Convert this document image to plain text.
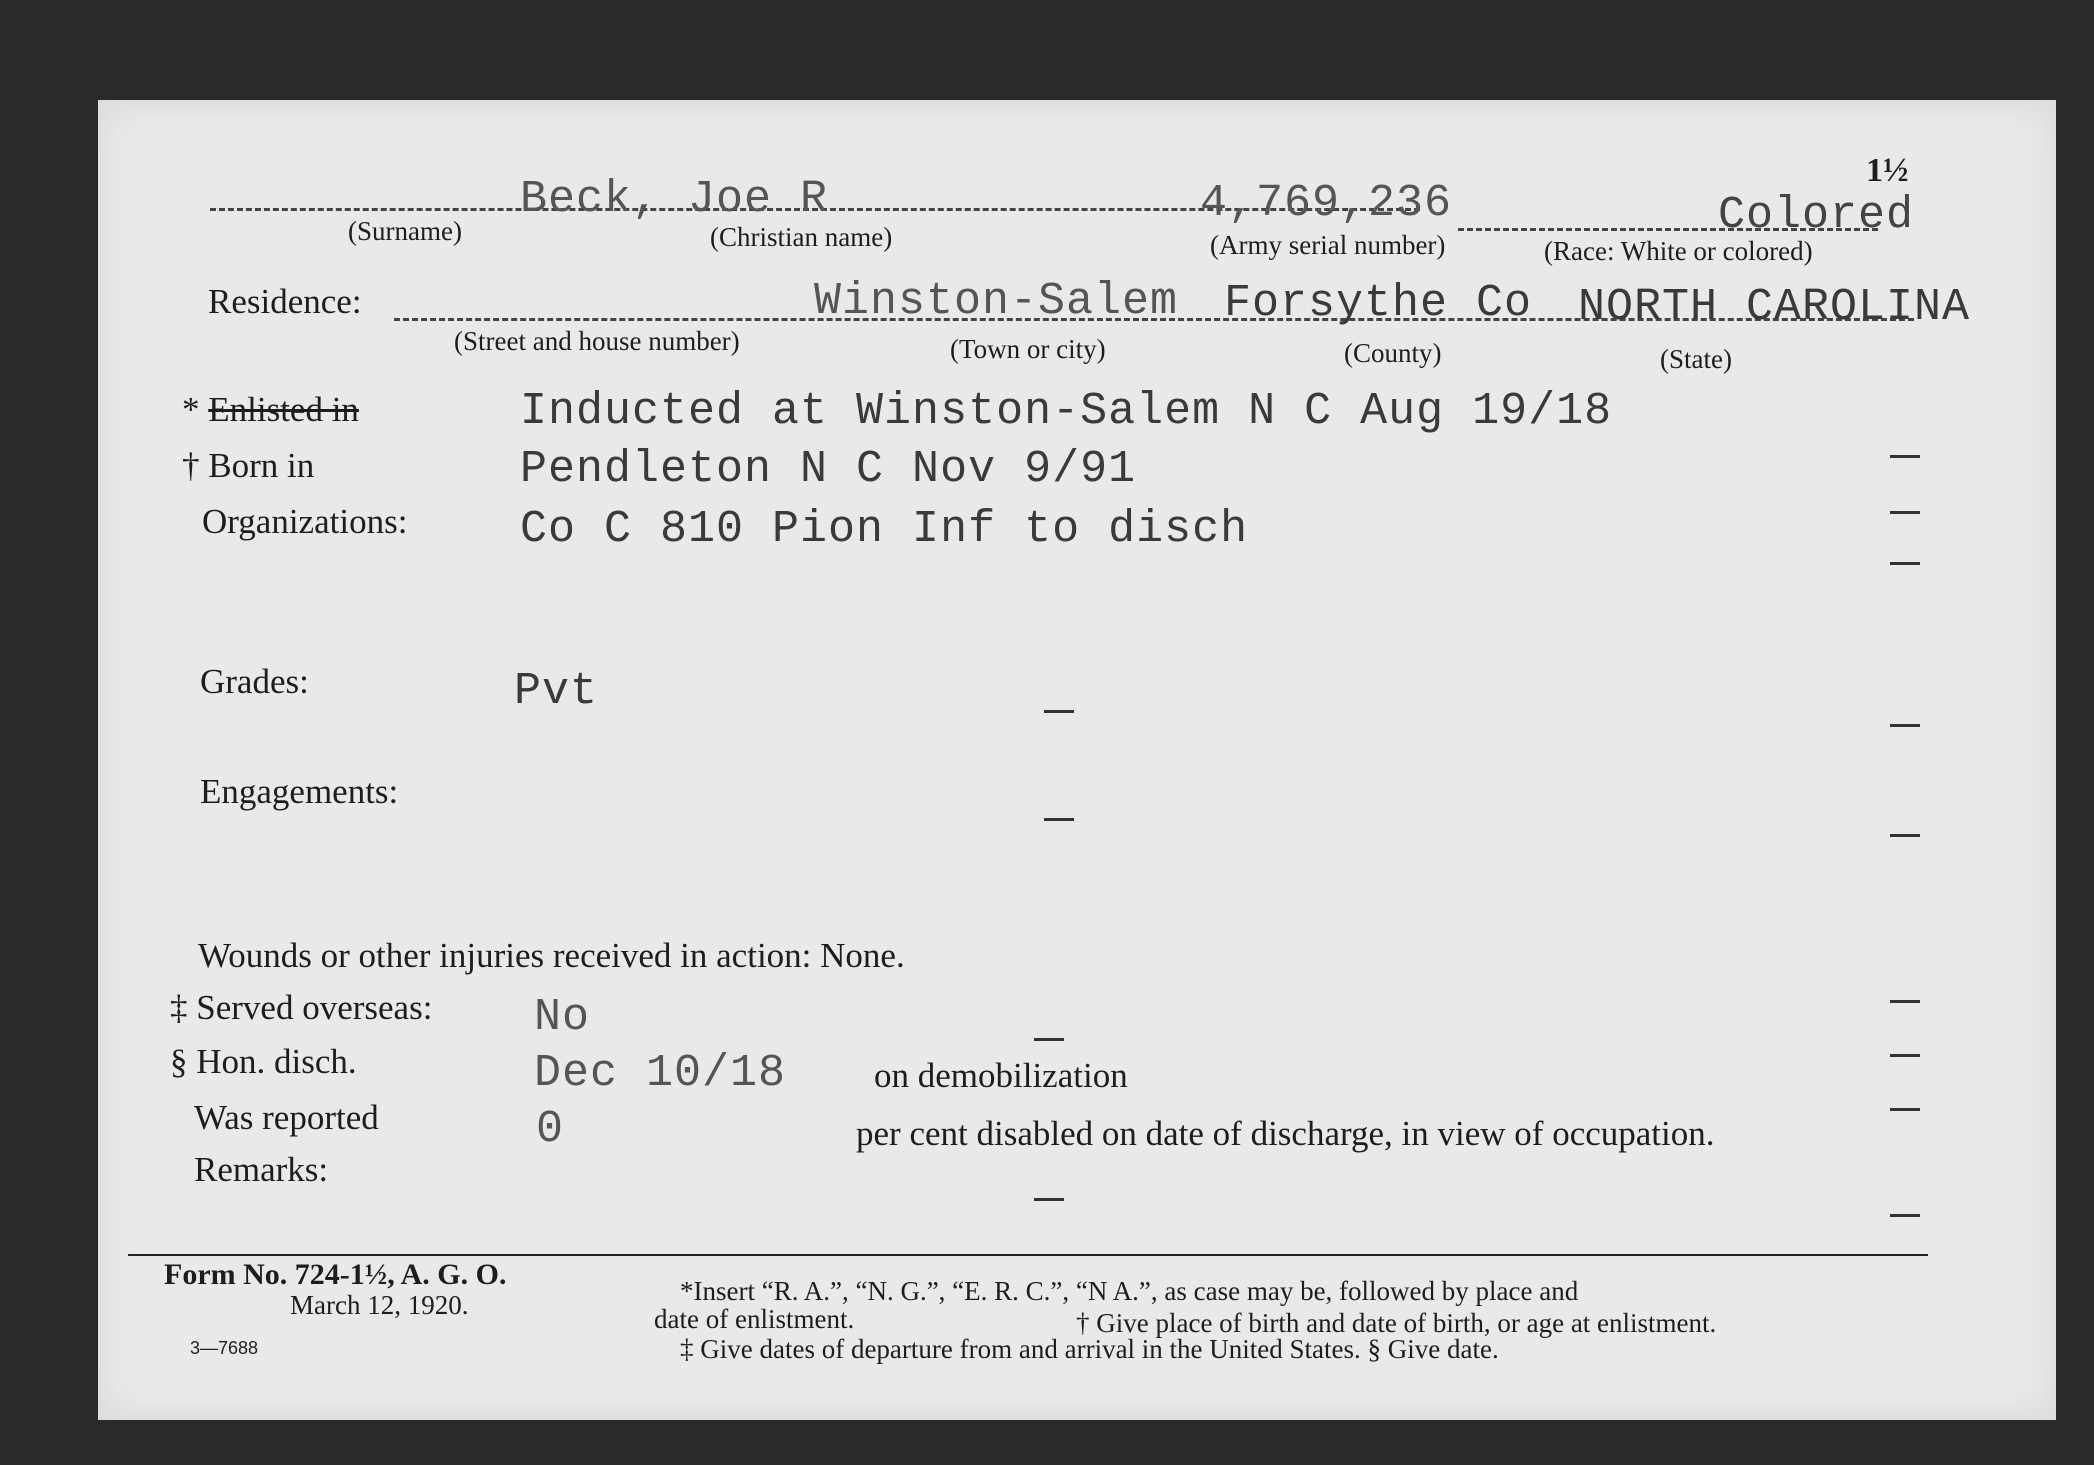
1½
Beck, Joe R	4,769,236	Colored
(Surname)	(Christian name)	(Army serial number)	(Race: White or colored)
Residence:	Winston-Salem Forsythe Co NORTH CAROLINA
(Street and house number)	(Town or city)	(County)	(State)
* Enlisted in	Inducted at Winston-Salem N C Aug 19/18
† Born in	Pendleton N C Nov 9/91
Organizations:	Co C 810 Pion Inf to disch
Grades:	Pvt
Engagements:
Wounds or other injuries received in action: None.
‡ Served overseas: No
§ Hon. disch.	Dec 10/18	on demobilization
Was reported	0	per cent disabled on date of discharge, in view of occupation.
Remarks:
Form No. 724-1½, A. G. O.
March 12, 1920.
3—7688
*Insert “R. A.”, “N. G.”, “E. R. C.”, “N A.”, as case may be, followed by place and
date of enlistment.	† Give place of birth and date of birth, or age at enlistment.
‡ Give dates of departure from and arrival in the United States. § Give date.
